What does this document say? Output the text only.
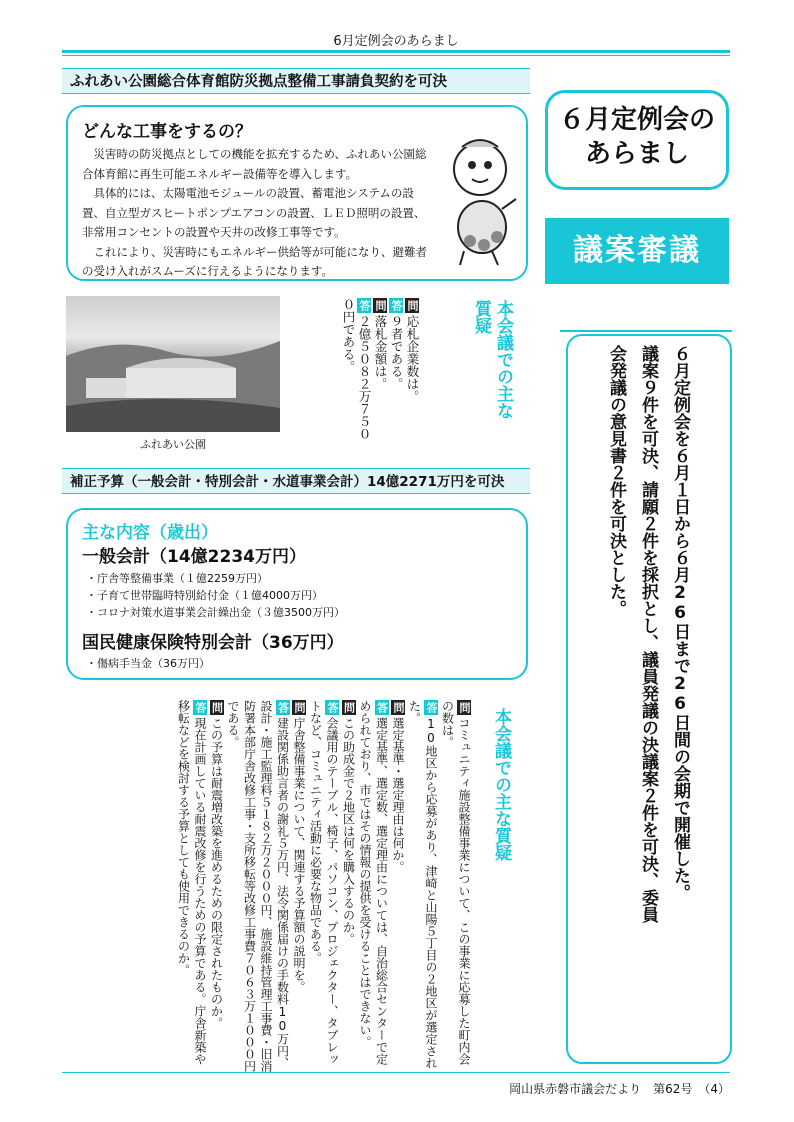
6月定例会のあらまし
ふれあい公園総合体育館防災拠点整備工事請負契約を可決
どんな工事をするの？

災害時の防災拠点としての機能を拡充するため、ふれあい公園総合体育館に再生可能エネルギー設備等を導入します。

具体的には、太陽電池モジュールの設置、蓄電池システムの設置、自立型ガスヒートポンプエアコンの設置、ＬＥＤ照明の設置、非常用コンセントの設置や天井の改修工事等です。

これにより、災害時にもエネルギー供給等が可能になり、避難者の受け入れがスムーズに行えるようになります。

ふれあい公園
問応札企業数は。
答９者である。
問落札金額は。
答２億５０８２万７５００円である。	本会議での主な質疑
６月定例会の
あらまし
議案審議
６月定例会を６月１日から６月26日まで26日間の会期で開催した。
議案９件を可決、請願２件を採択とし、議員発議の決議案２件を可決、委員
会発議の意見書２件を可決とした。
補正予算（一般会計・特別会計・水道事業会計）14億2271万円を可決
主な内容（歳出）
一般会計（14億2234万円）
・庁舎等整備事業（１億2259万円）
・子育て世帯臨時特別給付金（１億4000万円）
・コロナ対策水道事業会計繰出金（３億3500万円）
国民健康保険特別会計（36万円）
・傷病手当金（36万円）
本会議での主な質疑
問コミュニティ施設整備事業について、この事業に応募した町内会の数は。
答10地区から応募があり、津崎と山陽５丁目の２地区が選定された。
問選定基準・選定理由は何か。
答選定基準、選定数、選定理由については、自治総合センターで定められており、市ではその情報の提供を受けることはできない。
問この助成金で２地区は何を購入するのか。
答会議用のテーブル、椅子、パソコン、プロジェクター、タブレットなど、コミュニティ活動に必要な物品である。
問庁舎整備事業について、関連する予算額の説明を。
答建設関係助言者の謝礼５万円、法令関係届けの手数料10万円、設計・施工監理料５１８２万２０００円、施設維持管理工事費・旧消防署本部庁舎改修工事・支所移転等改修工事費７０６３万１０００円である。
問この予算は耐震増改築を進めるための限定されたものか。
答現在計画している耐震改修を行うための予算である。庁舎新築や移転などを検討する予算としても使用できるのか。
岡山県赤磐市議会だより　第62号　（4）
